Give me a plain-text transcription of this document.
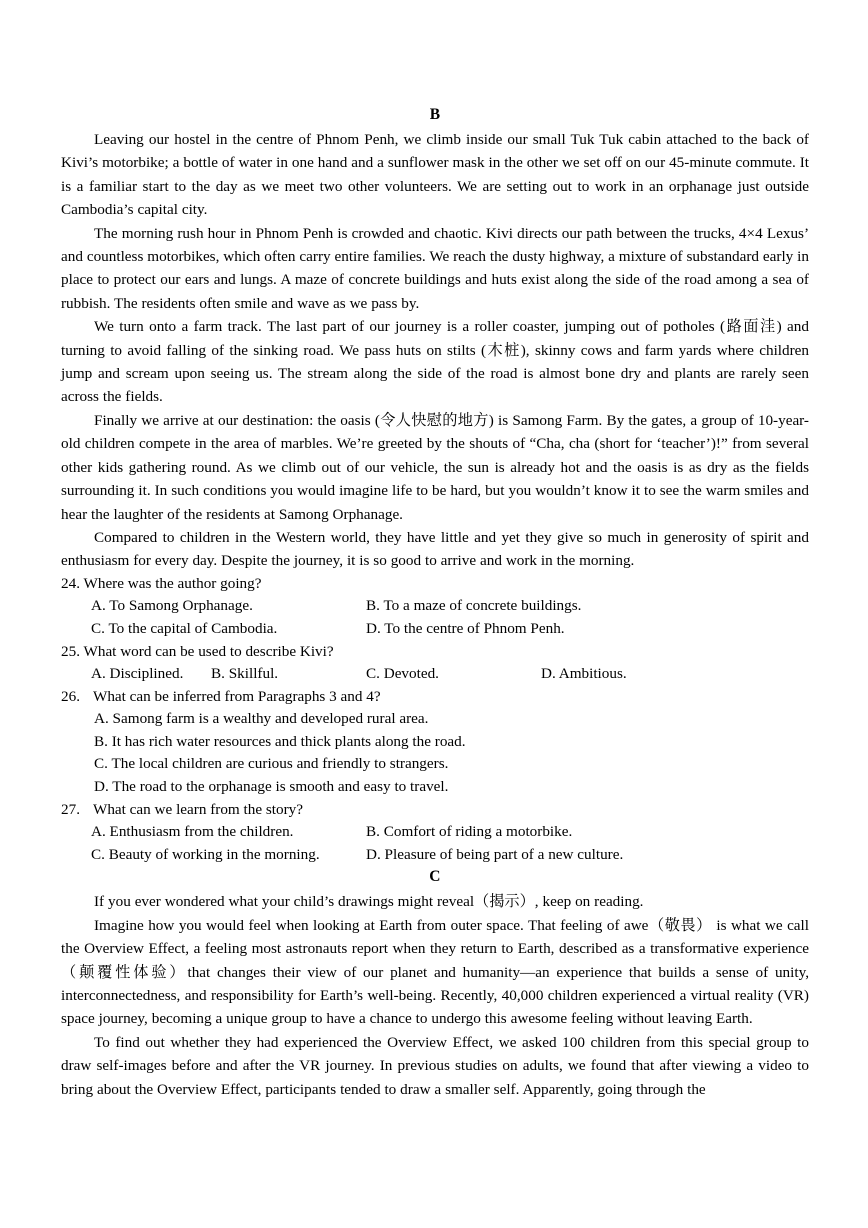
B

Leaving our hostel in the centre of Phnom Penh, we climb inside our small Tuk Tuk cabin attached to the back of Kivi’s motorbike; a bottle of water in one hand and a sunflower mask in the other we set off on our 45-minute commute. It is a familiar start to the day as we meet two other volunteers. We are setting out to work in an orphanage just outside Cambodia’s capital city.

The morning rush hour in Phnom Penh is crowded and chaotic. Kivi directs our path between the trucks, 4×4 Lexus’ and countless motorbikes, which often carry entire families. We reach the dusty highway, a mixture of substandard early in place to protect our ears and lungs. A maze of concrete buildings and huts exist along the side of the road among a sea of rubbish. The residents often smile and wave as we pass by.

We turn onto a farm track. The last part of our journey is a roller coaster, jumping out of potholes (路面洼) and turning to avoid falling of the sinking road. We pass huts on stilts (木桩), skinny cows and farm yards where children jump and scream upon seeing us. The stream along the side of the road is almost bone dry and plants are rarely seen across the fields.

Finally we arrive at our destination: the oasis (令人快慰的地方) is Samong Farm. By the gates, a group of 10-year-old children compete in the area of marbles. We’re greeted by the shouts of “Cha, cha (short for ‘teacher’)!” from several other kids gathering round. As we climb out of our vehicle, the sun is already hot and the oasis is as dry as the fields surrounding it. In such conditions you would imagine life to be hard, but you wouldn’t know it to see the warm smiles and hear the laughter of the residents at Samong Orphanage.

Compared to children in the Western world, they have little and yet they give so much in generosity of spirit and enthusiasm for every day. Despite the journey, it is so good to arrive and work in the morning.

24. Where was the author going?

A. To Samong Orphanage.	B. To a maze of concrete buildings.
C. To the capital of Cambodia.	D. To the centre of Phnom Penh.

25. What word can be used to describe Kivi?

A. Disciplined.	B. Skillful.	C. Devoted.	D. Ambitious.

26. What can be inferred from Paragraphs 3 and 4?

A. Samong farm is a wealthy and developed rural area.

B. It has rich water resources and thick plants along the road.

C. The local children are curious and friendly to strangers.

D. The road to the orphanage is smooth and easy to travel.

27. What can we learn from the story?

A. Enthusiasm from the children.	B. Comfort of riding a motorbike.
C. Beauty of working in the morning.	D. Pleasure of being part of a new culture.
C

If you ever wondered what your child’s drawings might reveal（揭示）, keep on reading.

Imagine how you would feel when looking at Earth from outer space. That feeling of awe（敬畏） is what we call the Overview Effect, a feeling most astronauts report when they return to Earth, described as a transformative experience（颠覆性体验）that changes their view of our planet and humanity—an experience that builds a sense of unity, interconnectedness, and responsibility for Earth’s well-being. Recently, 40,000 children experienced a virtual reality (VR) space journey, becoming a unique group to have a chance to undergo this awesome feeling without leaving Earth.

To find out whether they had experienced the Overview Effect, we asked 100 children from this special group to draw self-images before and after the VR journey. In previous studies on adults, we found that after viewing a video to bring about the Overview Effect, participants tended to draw a smaller self. Apparently, going through the
